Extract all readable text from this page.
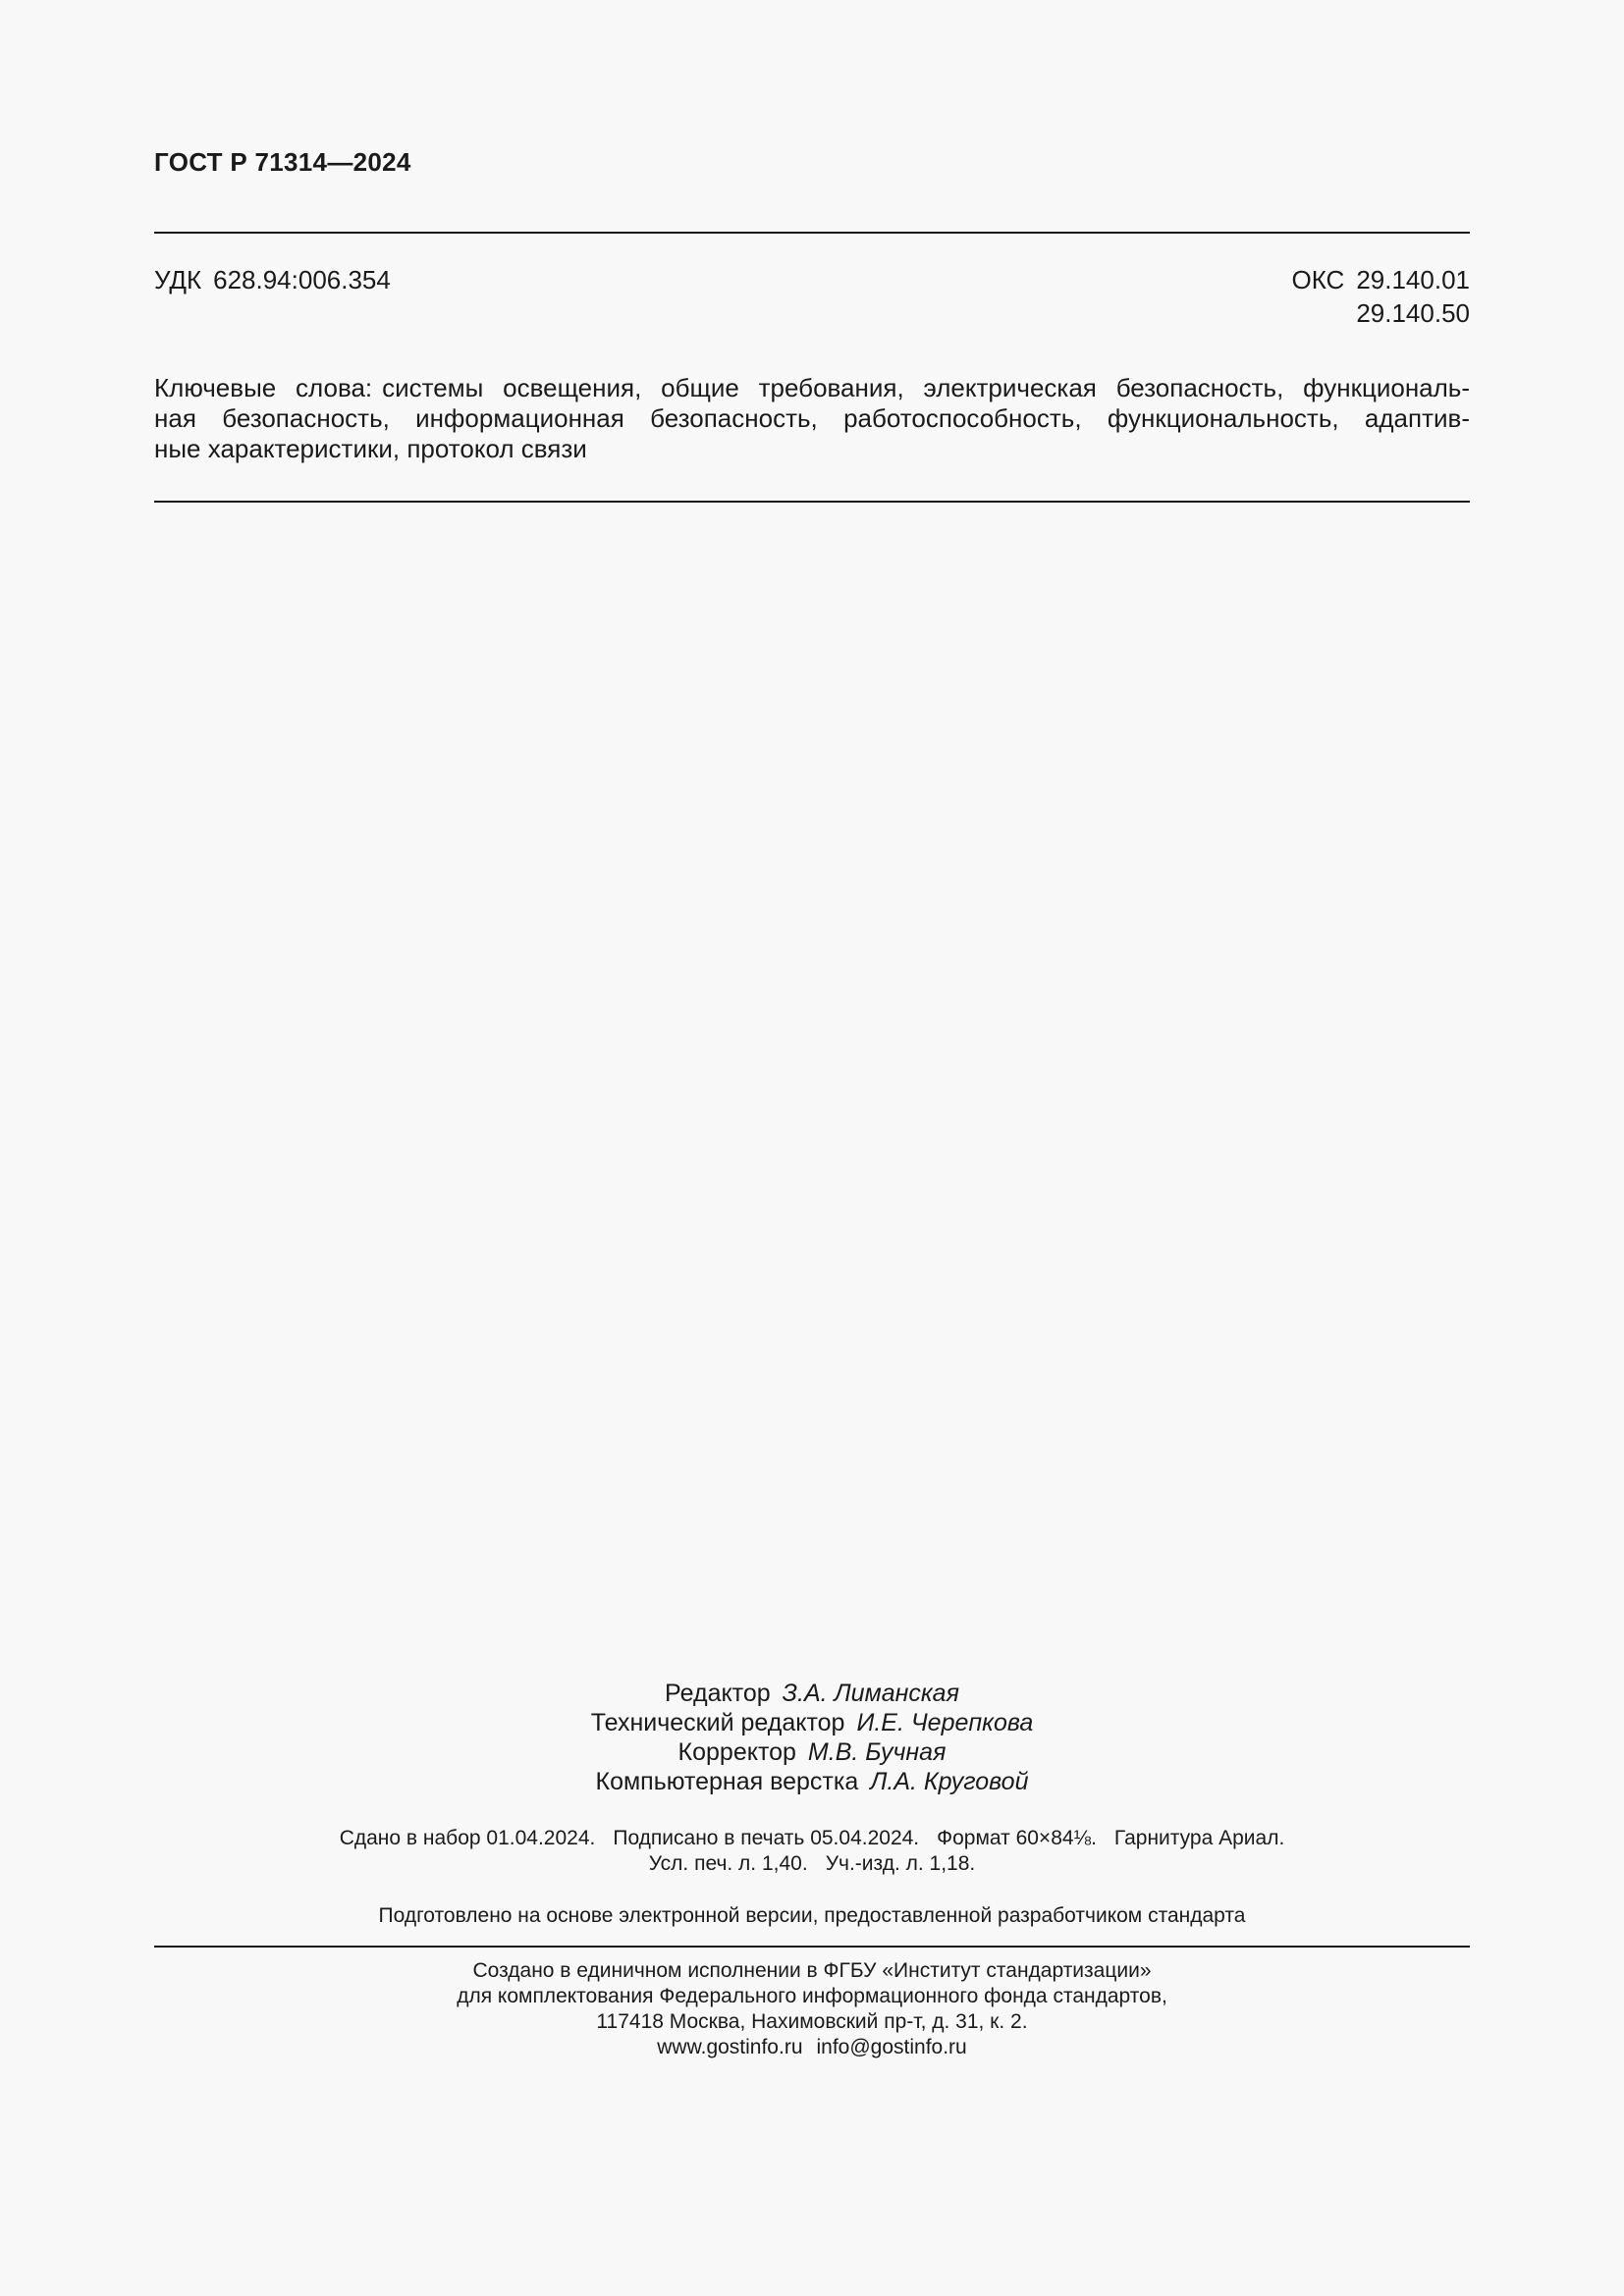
ГОСТ Р 71314—2024
УДК 628.94:006.354	ОКС 29.140.01
29.140.50
Ключевые слова: системы освещения, общие требования, электрическая безопасность, функциональ-
ная безопасность, информационная безопасность, работоспособность, функциональность, адаптив-
ные характеристики, протокол связи
Редактор З.А. Лиманская
Технический редактор И.Е. Черепкова
Корректор М.В. Бучная
Компьютерная верстка Л.А. Круговой
Сдано в набор 01.04.2024. Подписано в печать 05.04.2024. Формат 60×84⅛. Гарнитура Ариал.
Усл. печ. л. 1,40. Уч.-изд. л. 1,18.
Подготовлено на основе электронной версии, предоставленной разработчиком стандарта
Создано в единичном исполнении в ФГБУ «Институт стандартизации»
для комплектования Федерального информационного фонда стандартов,
117418 Москва, Нахимовский пр-т, д. 31, к. 2.
www.gostinfo.ru info@gostinfo.ru
